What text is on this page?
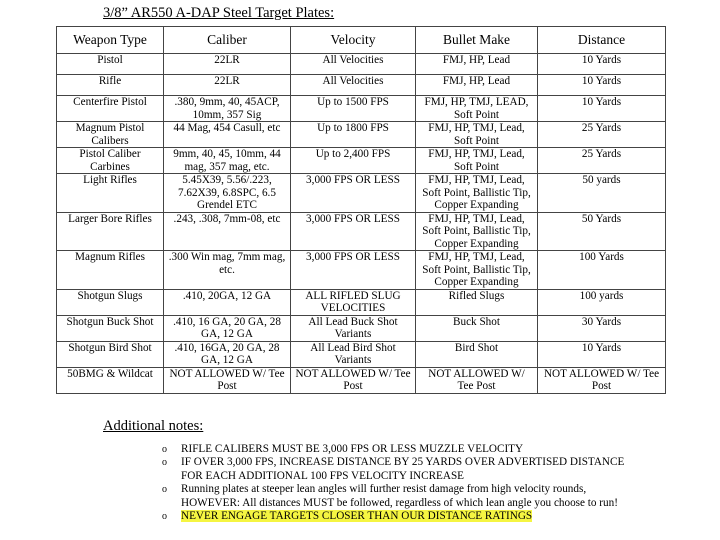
3/8” AR550 A-DAP Steel Target Plates:
Weapon Type	Caliber	Velocity	Bullet Make	Distance
Pistol	22LR	All Velocities	FMJ, HP, Lead	10 Yards
Rifle	22LR	All Velocities	FMJ, HP, Lead	10 Yards
Centerfire Pistol	.380, 9mm, 40, 45ACP, 10mm, 357 Sig	Up to 1500 FPS	FMJ, HP, TMJ, LEAD, Soft Point	10 Yards
Magnum Pistol Calibers	44 Mag, 454 Casull, etc	Up to 1800 FPS	FMJ, HP, TMJ, Lead, Soft Point	25 Yards
Pistol Caliber Carbines	9mm, 40, 45, 10mm, 44 mag, 357 mag, etc.	Up to 2,400 FPS	FMJ, HP, TMJ, Lead, Soft Point	25 Yards
Light Rifles	5.45X39, 5.56/.223, 7.62X39, 6.8SPC, 6.5 Grendel ETC	3,000 FPS OR LESS	FMJ, HP, TMJ, Lead, Soft Point, Ballistic Tip, Copper Expanding	50 yards
Larger Bore Rifles	.243, .308, 7mm-08, etc	3,000 FPS OR LESS	FMJ, HP, TMJ, Lead, Soft Point, Ballistic Tip, Copper Expanding	50 Yards
Magnum Rifles	.300 Win mag, 7mm mag, etc.	3,000 FPS OR LESS	FMJ, HP, TMJ, Lead, Soft Point, Ballistic Tip, Copper Expanding	100 Yards
Shotgun Slugs	.410, 20GA, 12 GA	ALL RIFLED SLUG VELOCITIES	Rifled Slugs	100 yards
Shotgun Buck Shot	.410, 16 GA, 20 GA, 28 GA, 12 GA	All Lead Buck Shot Variants	Buck Shot	30 Yards
Shotgun Bird Shot	.410, 16GA, 20 GA, 28 GA, 12 GA	All Lead Bird Shot Variants	Bird Shot	10 Yards
50BMG & Wildcat	NOT ALLOWED W/ Tee Post	NOT ALLOWED W/ Tee Post	NOT ALLOWED W/ Tee Post	NOT ALLOWED W/ Tee Post
Additional notes:
o RIFLE CALIBERS MUST BE 3,000 FPS OR LESS MUZZLE VELOCITY
o IF OVER 3,000 FPS, INCREASE DISTANCE BY 25 YARDS OVER ADVERTISED DISTANCE FOR EACH ADDITIONAL 100 FPS VELOCITY INCREASE
o Running plates at steeper lean angles will further resist damage from high velocity rounds, HOWEVER: All distances MUST be followed, regardless of which lean angle you choose to run!
o NEVER ENGAGE TARGETS CLOSER THAN OUR DISTANCE RATINGS
